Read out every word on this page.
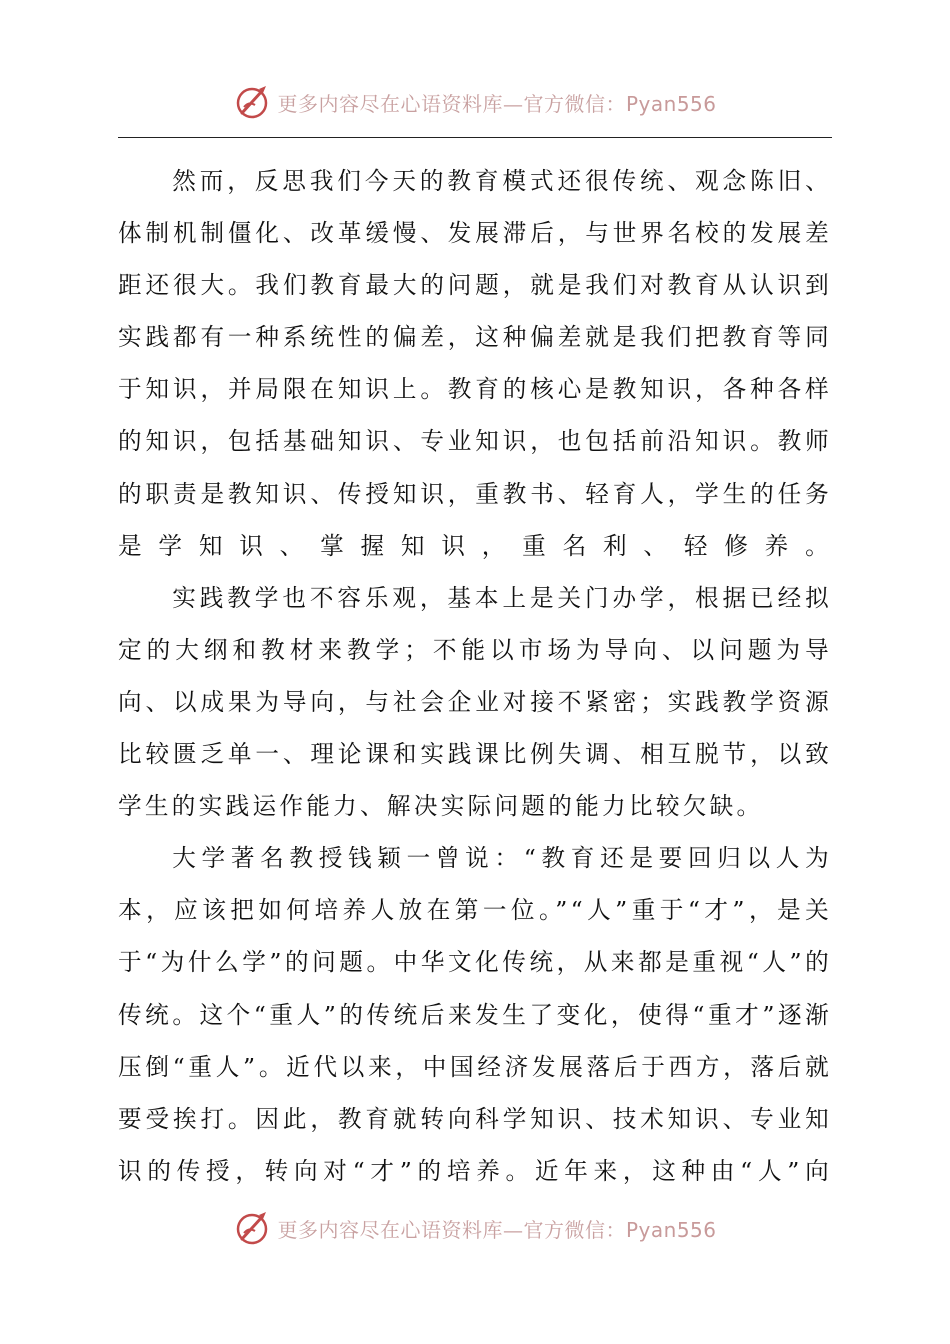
更多内容尽在心语资料库—官方微信：Pyan556

然而，反思我们今天的教育模式还很传统、观念陈旧、体制机制僵化、改革缓慢、发展滞后，与世界名校的发展差距还很大。我们教育最大的问题，就是我们对教育从认识到实践都有一种系统性的偏差，这种偏差就是我们把教育等同于知识，并局限在知识上。教育的核心是教知识，各种各样的知识，包括基础知识、专业知识，也包括前沿知识。教师的职责是教知识、传授知识，重教书、轻育人，学生的任务是学知识、掌握知识，重名利、轻修养。

实践教学也不容乐观，基本上是关门办学，根据已经拟定的大纲和教材来教学；不能以市场为导向、以问题为导向、以成果为导向，与社会企业对接不紧密；实践教学资源比较匮乏单一、理论课和实践课比例失调、相互脱节，以致学生的实践运作能力、解决实际问题的能力比较欠缺。

大学著名教授钱颖一曾说：“教育还是要回归以人为本，应该把如何培养人放在第一位。”“人”重于“才”，是关于“为什么学”的问题。中华文化传统，从来都是重视“人”的传统。这个“重人”的传统后来发生了变化，使得“重才”逐渐压倒“重人”。近代以来，中国经济发展落后于西方，落后就要受挨打。因此，教育就转向科学知识、技术知识、专业知识的传授，转向对“才”的培养。近年来，这种由“人”向

更多内容尽在心语资料库—官方微信：Pyan556
